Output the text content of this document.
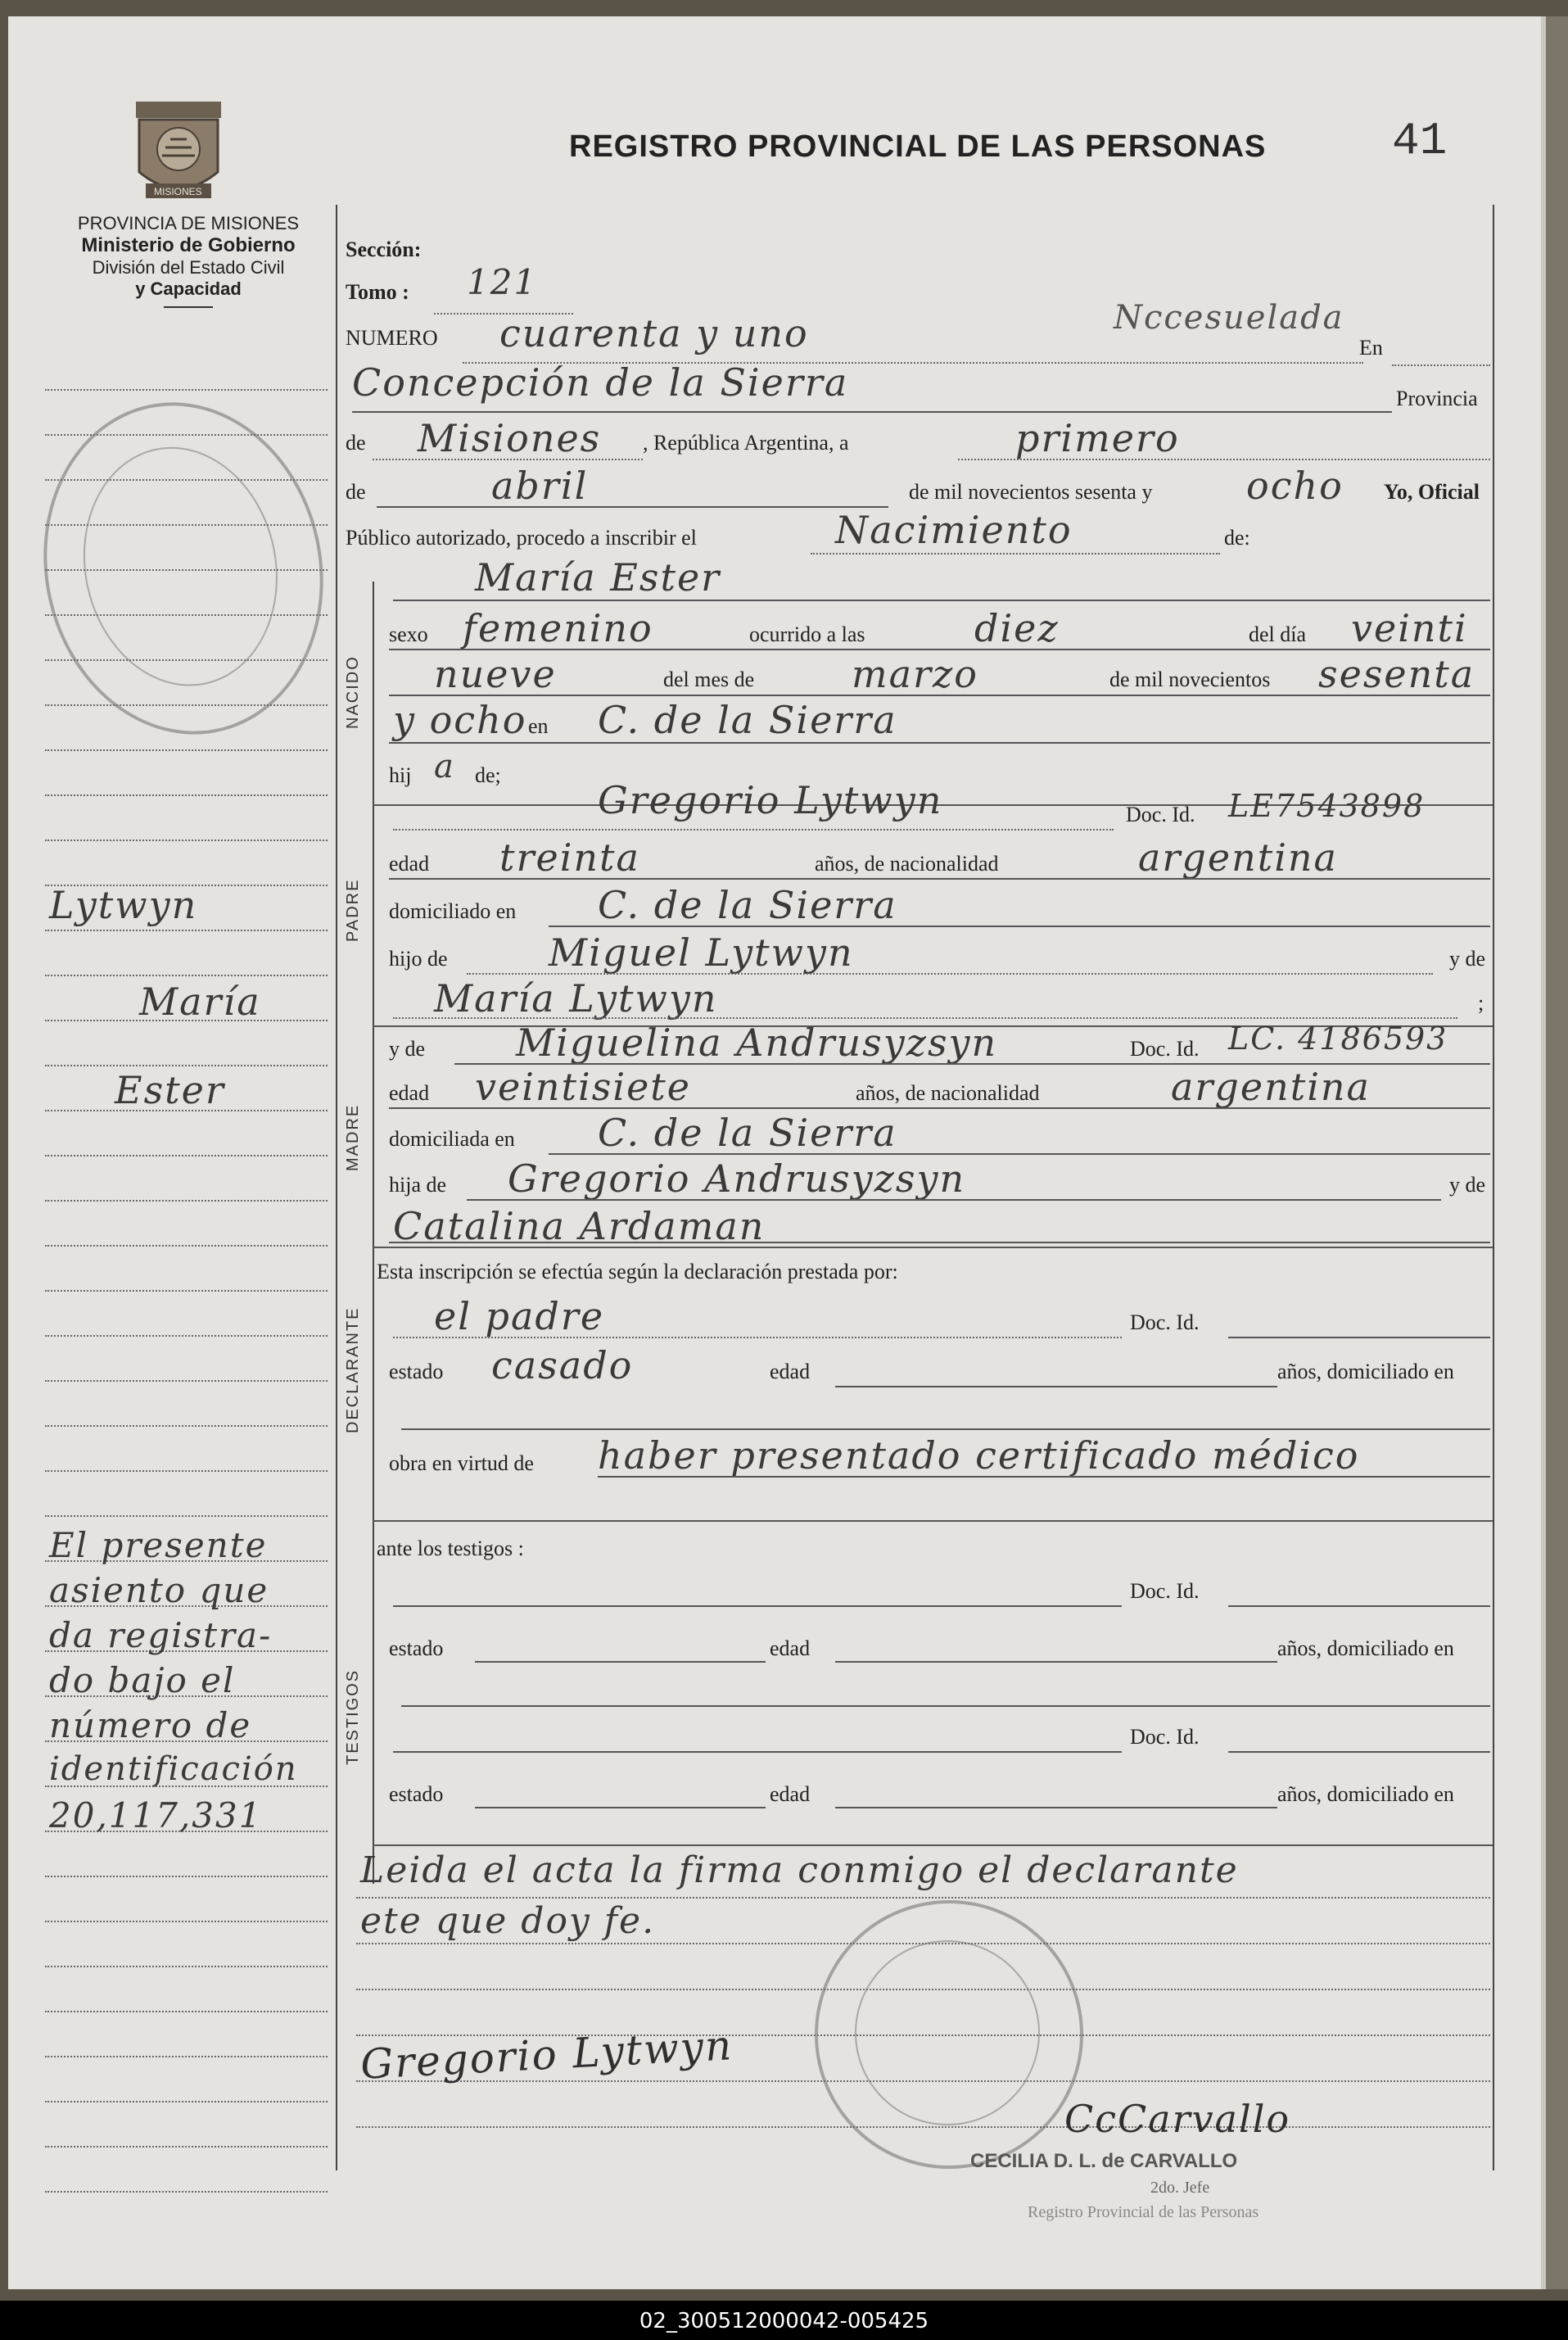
MISIONES
PROVINCIA DE MISIONES
Ministerio de Gobierno
División del Estado Civil
y Capacidad
REGISTRO PROVINCIAL DE LAS PERSONAS	41
NACIDO
PADRE
MADRE
DECLARANTE
TESTIGOS
Sección:
Tomo : 121
NUMERO cuarenta y uno	Nccesuelada
En
Concepción de la Sierra	Provincia
de Misiones , República Argentina, a	primero
de	abril	de mil novecientos sesenta y ocho Yo, Oficial
Público autorizado, procedo a inscribir el	Nacimiento	de:
María Ester
sexo femenino	ocurrido a las	diez	del día veinti
nueve	del mes de	marzo	de mil novecientos sesenta
y ocho en C. de la Sierra
hij a de;
Gregorio Lytwyn	Doc. Id. LE7543898
edad treinta	años, de nacionalidad	argentina
domiciliado en C. de la Sierra
hijo de	Miguel Lytwyn	y de
María Lytwyn	;
y de Miguelina Andrusyzsyn	Doc. Id. LC. 4186593
edad veintisiete	años, de nacionalidad	argentina
domiciliada en C. de la Sierra
hija de Gregorio Andrusyzsyn	y de
Catalina Ardaman
Esta inscripción se efectúa según la declaración prestada por:
el padre	Doc. Id.
estado casado	edad	años, domiciliado en
obra en virtud de haber presentado certificado médico
ante los testigos :
Doc. Id.
estado	edad	años, domiciliado en
Doc. Id.
estado	edad	años, domiciliado en
Leida el acta la firma conmigo el declarante
ete que doy fe.
Gregorio Lytwyn
CcCarvallo
CECILIA D. L. de CARVALLO
2do. Jefe
Registro Provincial de las Personas
Lytwyn
María
Ester
El presente
asiento que
da registra-
do bajo el
número de
identificación
20,117,331
02_300512000042-005425
